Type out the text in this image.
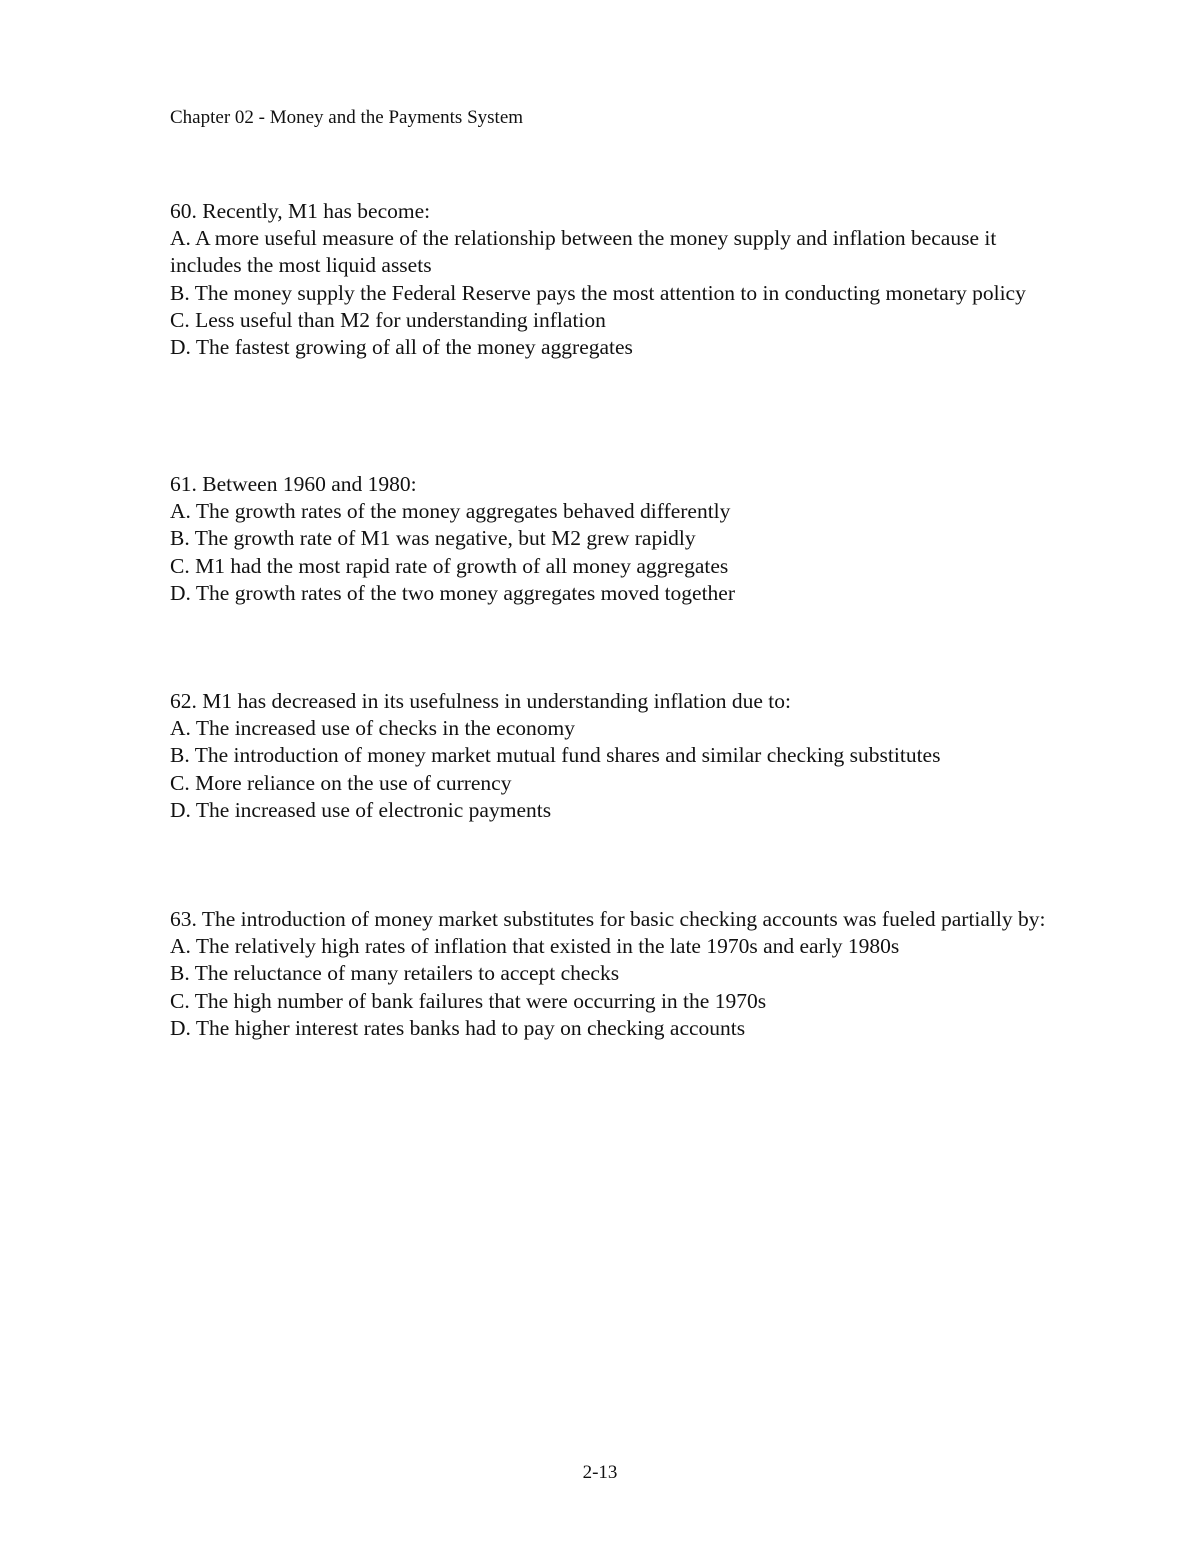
Chapter 02 - Money and the Payments System
60. Recently, M1 has become:
A. A more useful measure of the relationship between the money supply and inflation because it includes the most liquid assets
B. The money supply the Federal Reserve pays the most attention to in conducting monetary policy
C. Less useful than M2 for understanding inflation
D. The fastest growing of all of the money aggregates
61. Between 1960 and 1980:
A. The growth rates of the money aggregates behaved differently
B. The growth rate of M1 was negative, but M2 grew rapidly
C. M1 had the most rapid rate of growth of all money aggregates
D. The growth rates of the two money aggregates moved together
62. M1 has decreased in its usefulness in understanding inflation due to:
A. The increased use of checks in the economy
B. The introduction of money market mutual fund shares and similar checking substitutes
C. More reliance on the use of currency
D. The increased use of electronic payments
63. The introduction of money market substitutes for basic checking accounts was fueled partially by:
A. The relatively high rates of inflation that existed in the late 1970s and early 1980s
B. The reluctance of many retailers to accept checks
C. The high number of bank failures that were occurring in the 1970s
D. The higher interest rates banks had to pay on checking accounts
2-13
